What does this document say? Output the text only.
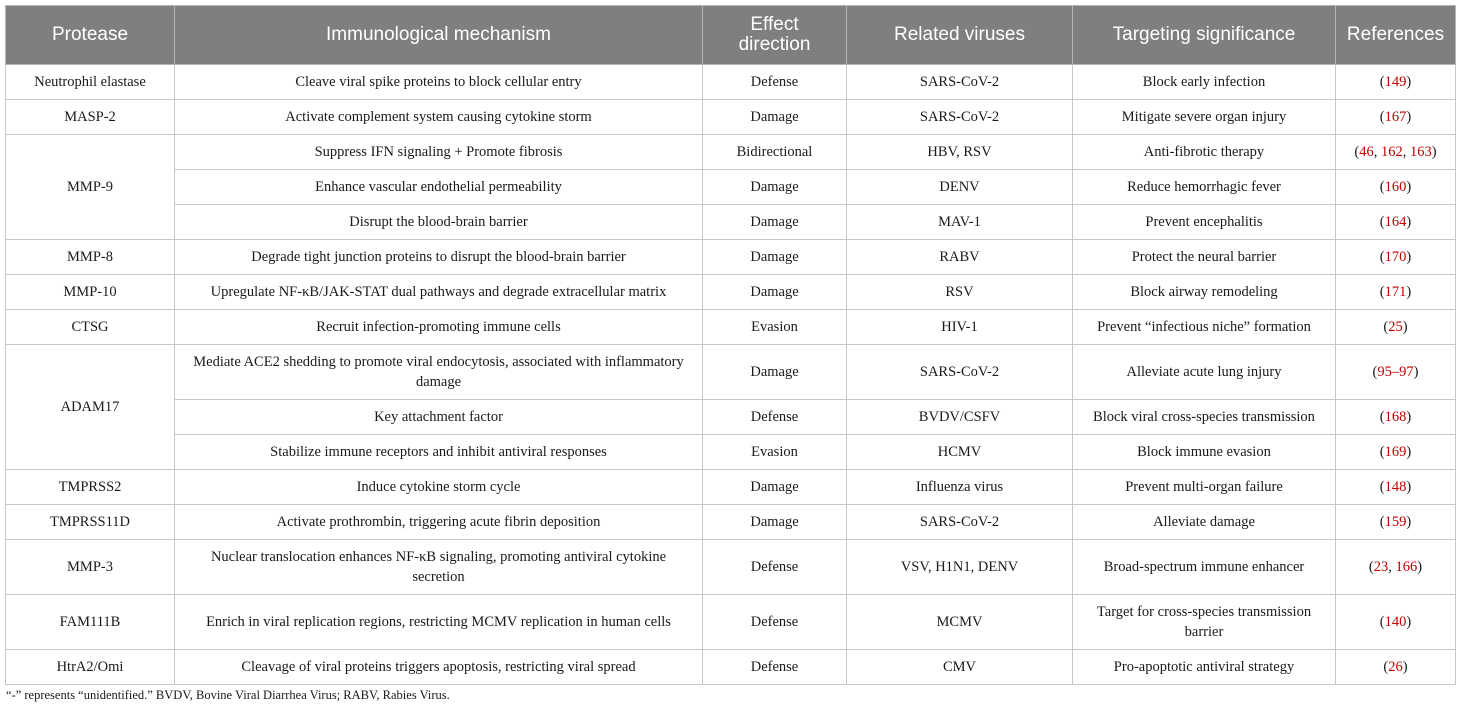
Protease	Immunological mechanism	Effect direction	Related viruses	Targeting significance	References
Neutrophil elastase	Cleave viral spike proteins to block cellular entry	Defense	SARS-CoV-2	Block early infection	(149)
MASP-2	Activate complement system causing cytokine storm	Damage	SARS-CoV-2	Mitigate severe organ injury	(167)
MMP-9	Suppress IFN signaling + Promote fibrosis	Bidirectional	HBV, RSV	Anti-fibrotic therapy	(46, 162, 163)
	Enhance vascular endothelial permeability	Damage	DENV	Reduce hemorrhagic fever	(160)
	Disrupt the blood-brain barrier	Damage	MAV-1	Prevent encephalitis	(164)
MMP-8	Degrade tight junction proteins to disrupt the blood-brain barrier	Damage	RABV	Protect the neural barrier	(170)
MMP-10	Upregulate NF-κB/JAK-STAT dual pathways and degrade extracellular matrix	Damage	RSV	Block airway remodeling	(171)
CTSG	Recruit infection-promoting immune cells	Evasion	HIV-1	Prevent “infectious niche” formation	(25)
ADAM17	Mediate ACE2 shedding to promote viral endocytosis, associated with inflammatory damage	Damage	SARS-CoV-2	Alleviate acute lung injury	(95–97)
	Key attachment factor	Defense	BVDV/CSFV	Block viral cross-species transmission	(168)
	Stabilize immune receptors and inhibit antiviral responses	Evasion	HCMV	Block immune evasion	(169)
TMPRSS2	Induce cytokine storm cycle	Damage	Influenza virus	Prevent multi-organ failure	(148)
TMPRSS11D	Activate prothrombin, triggering acute fibrin deposition	Damage	SARS-CoV-2	Alleviate damage	(159)
MMP-3	Nuclear translocation enhances NF-κB signaling, promoting antiviral cytokine secretion	Defense	VSV, H1N1, DENV	Broad-spectrum immune enhancer	(23, 166)
FAM111B	Enrich in viral replication regions, restricting MCMV replication in human cells	Defense	MCMV	Target for cross-species transmission barrier	(140)
HtrA2/Omi	Cleavage of viral proteins triggers apoptosis, restricting viral spread	Defense	CMV	Pro-apoptotic antiviral strategy	(26)
“-” represents “unidentified.” BVDV, Bovine Viral Diarrhea Virus; RABV, Rabies Virus.
